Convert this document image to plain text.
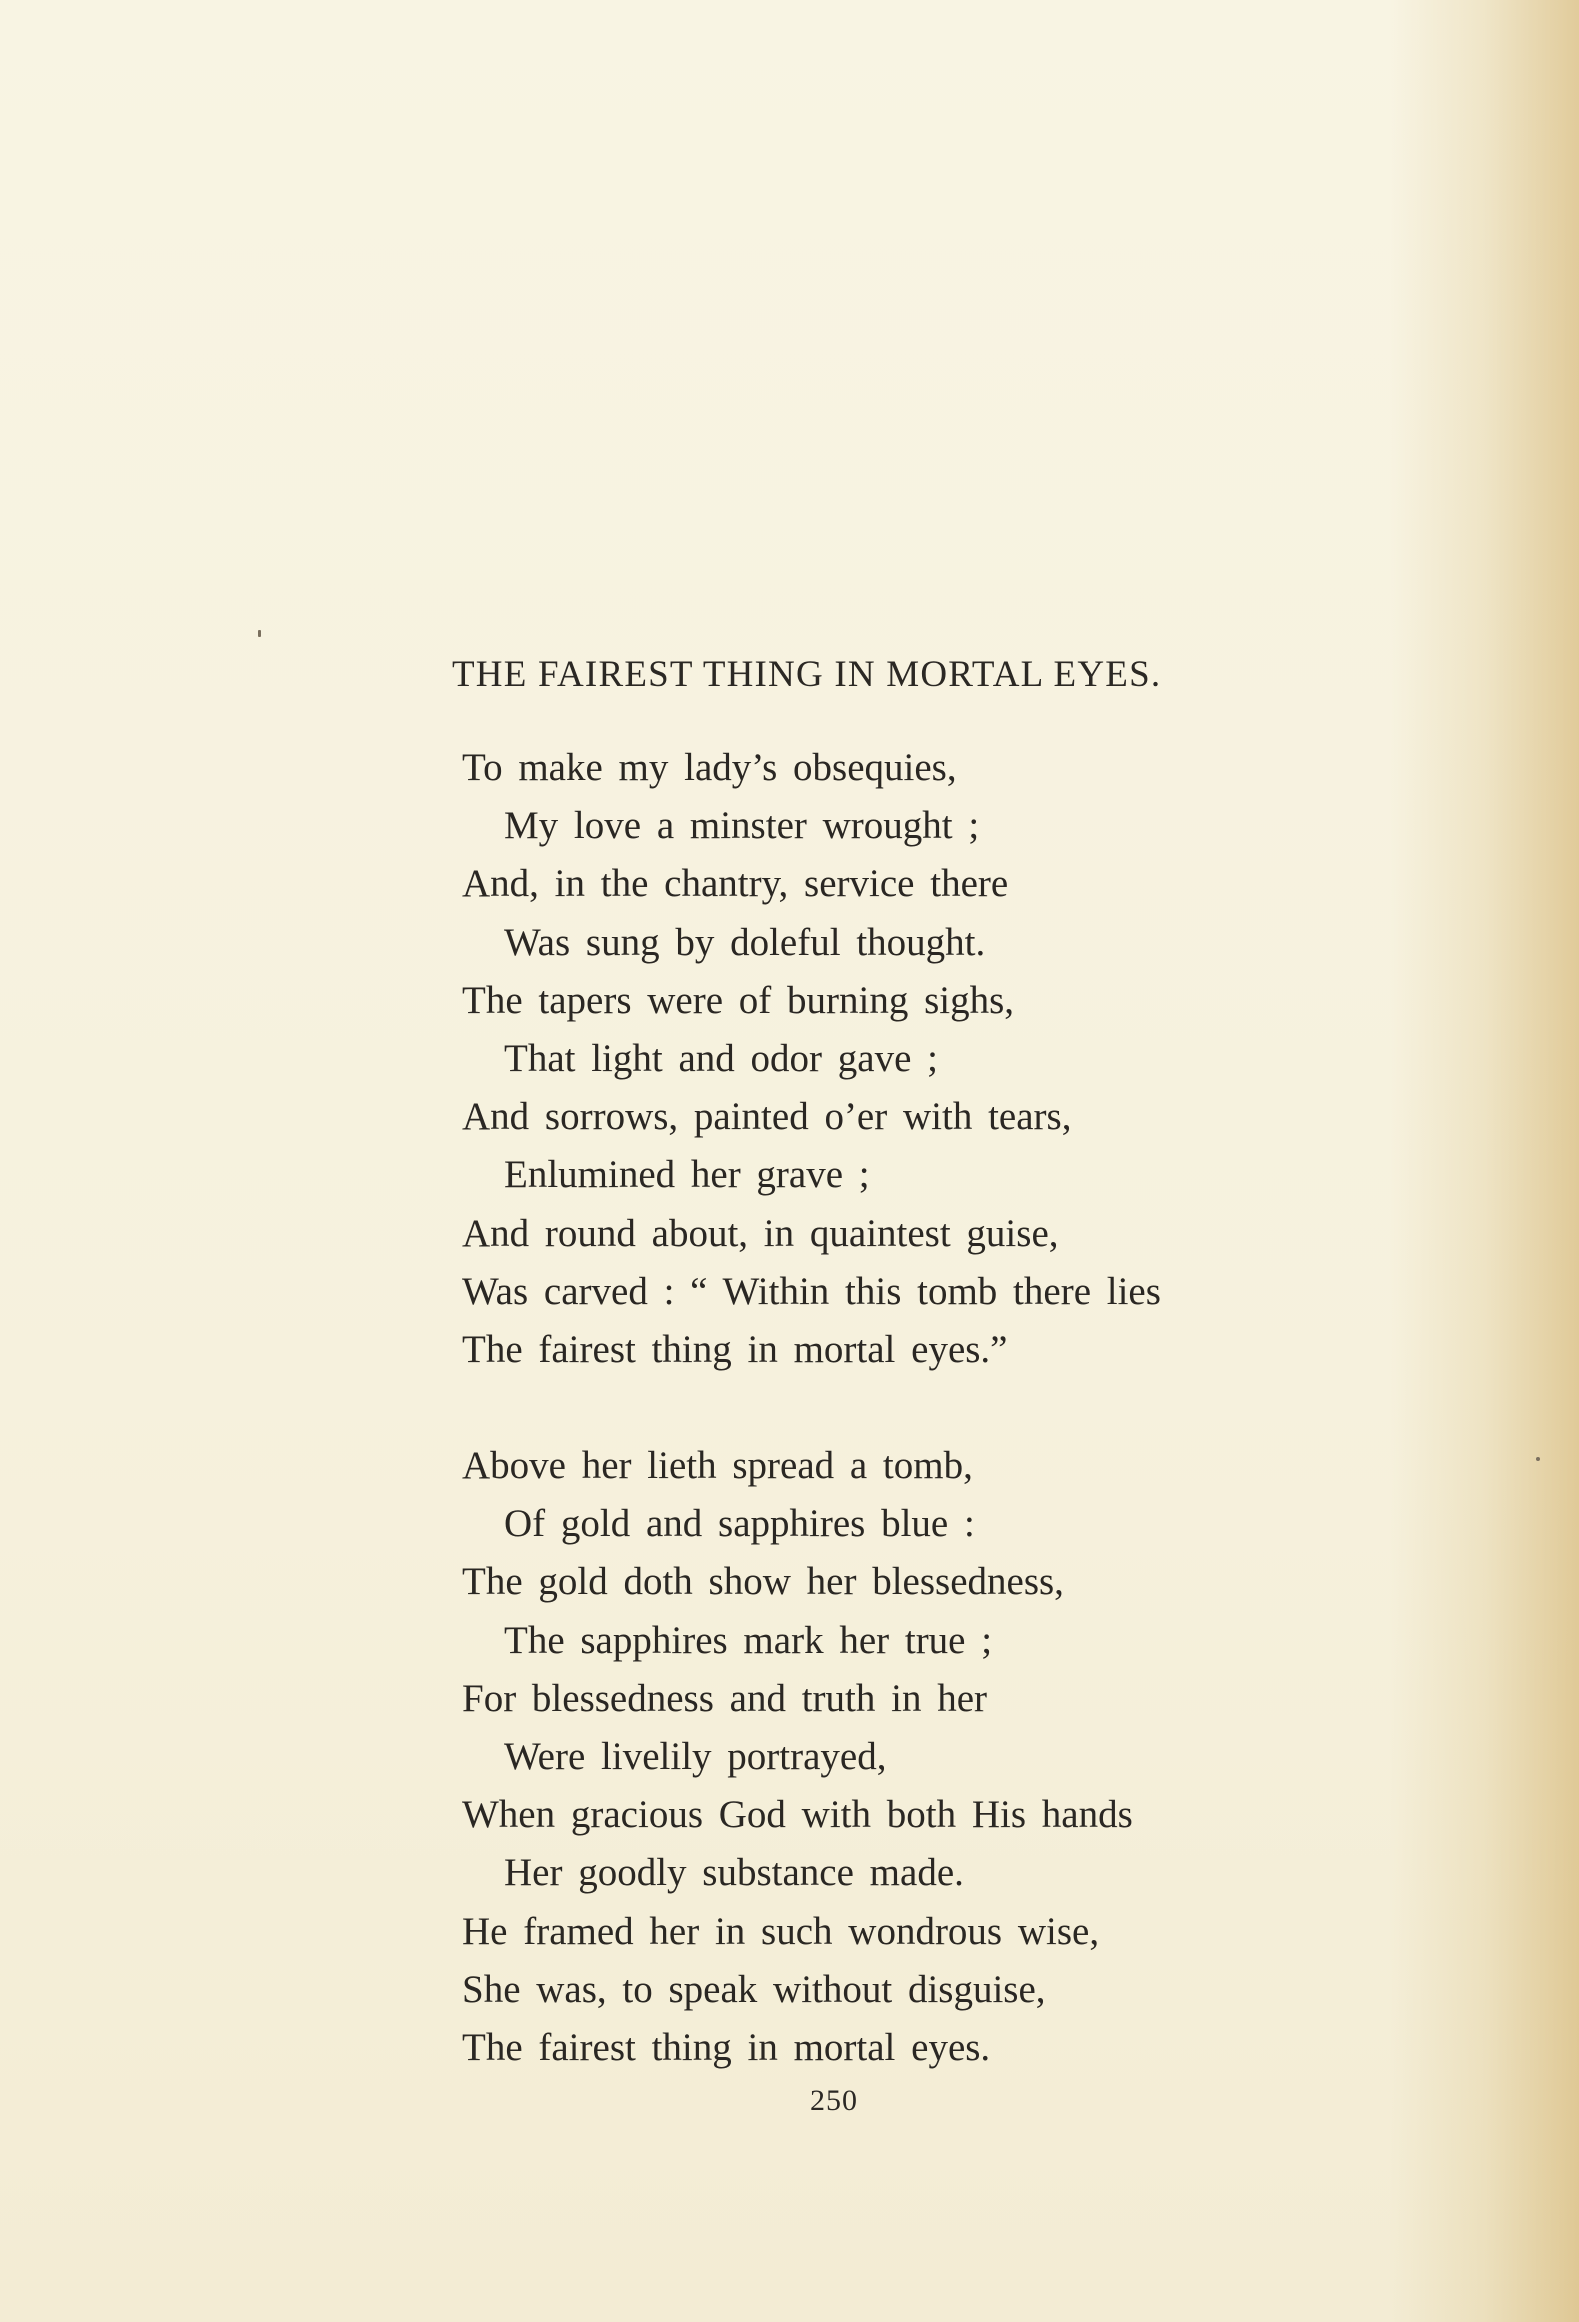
THE FAIREST THING IN MORTAL EYES.
To make my lady’s obsequies,
My love a minster wrought ;
And, in the chantry, service there
Was sung by doleful thought.
The tapers were of burning sighs,
That light and odor gave ;
And sorrows, painted o’er with tears,
Enlumined her grave ;
And round about, in quaintest guise,
Was carved : “ Within this tomb there lies
The fairest thing in mortal eyes.”
Above her lieth spread a tomb,
Of gold and sapphires blue :
The gold doth show her blessedness,
The sapphires mark her true ;
For blessedness and truth in her
Were livelily portrayed,
When gracious God with both His hands
Her goodly substance made.
He framed her in such wondrous wise,
She was, to speak without disguise,
The fairest thing in mortal eyes.
250
